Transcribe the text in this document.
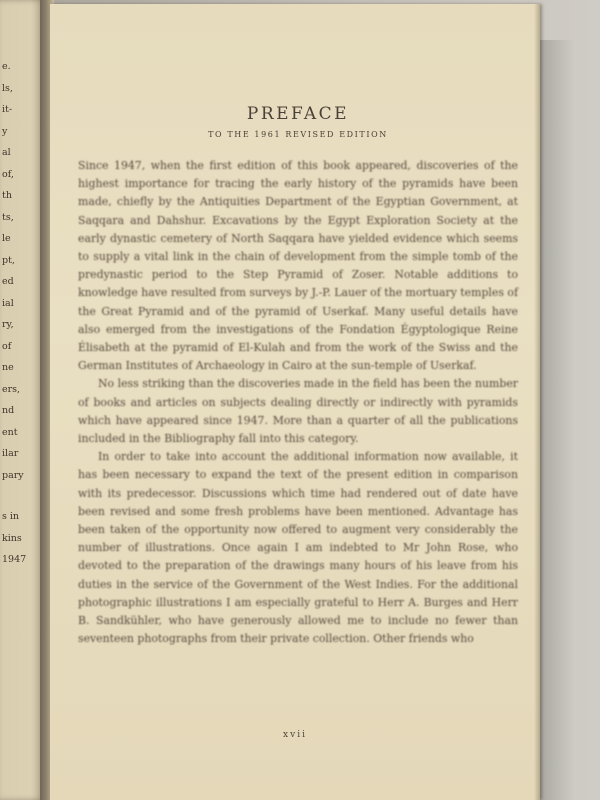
e.
ls,
it-
y
al
of,
th
ts,
le
pt,
ed
ial
ry,
of
ne
ers,
nd
ent
ilar
pary
s in
kins
1947
PREFACE
TO THE 1961 REVISED EDITION

Since 1947, when the first edition of this book appeared, discoveries of the highest importance for tracing the early history of the pyramids have been made, chiefly by the Antiquities Department of the Egyptian Government, at Saqqara and Dahshur. Excavations by the Egypt Exploration Society at the early dynastic cemetery of North Saqqara have yielded evidence which seems to supply a vital link in the chain of development from the simple tomb of the predynastic period to the Step Pyramid of Zoser. Notable additions to knowledge have resulted from surveys by J.-P. Lauer of the mortuary temples of the Great Pyramid and of the pyramid of Userkaf. Many useful details have also emerged from the investigations of the Fondation Égyptologique Reine Élisabeth at the pyramid of El-Kulah and from the work of the Swiss and the German Institutes of Archaeology in Cairo at the sun-temple of Userkaf.

No less striking than the discoveries made in the field has been the number of books and articles on subjects dealing directly or indirectly with pyramids which have appeared since 1947. More than a quarter of all the publications included in the Bibliography fall into this category.

In order to take into account the additional information now available, it has been necessary to expand the text of the present edition in comparison with its predecessor. Discussions which time had rendered out of date have been revised and some fresh problems have been mentioned. Advantage has been taken of the opportunity now offered to augment very considerably the number of illustrations. Once again I am indebted to Mr John Rose, who devoted to the preparation of the drawings many hours of his leave from his duties in the service of the Government of the West Indies. For the additional photographic illustrations I am especially grateful to Herr A. Burges and Herr B. Sandkühler, who have generously allowed me to include no fewer than seventeen photographs from their private collection. Other friends who

xvii
